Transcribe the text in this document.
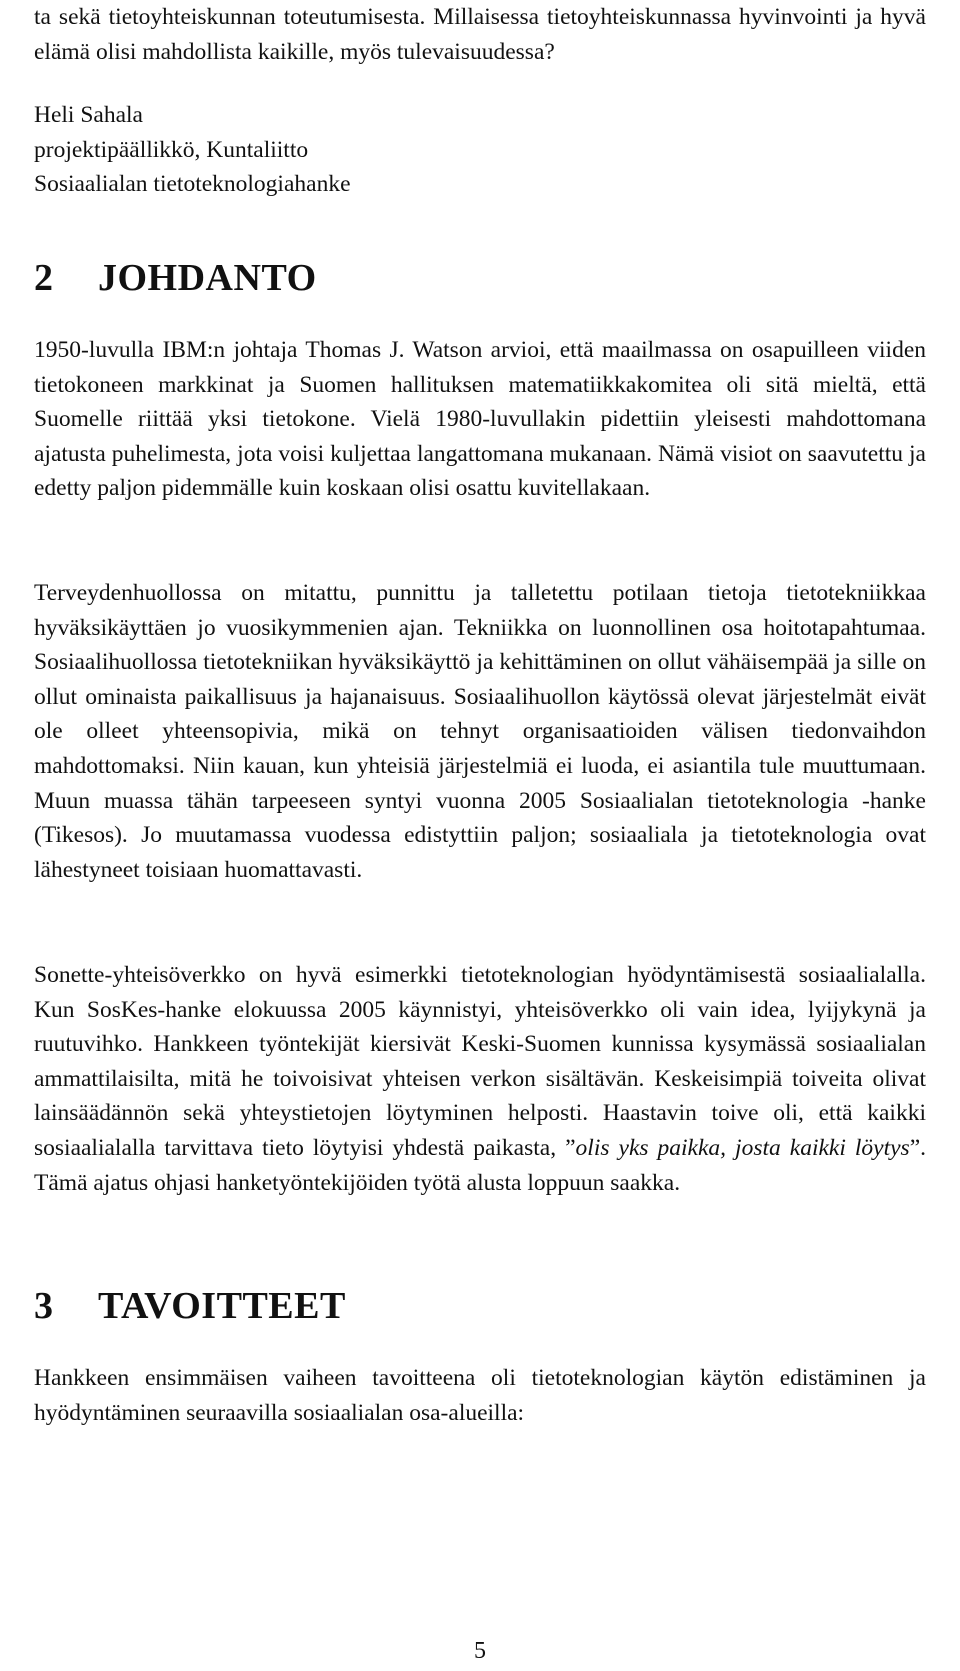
ta sekä tietoyhteiskunnan toteutumisesta. Millaisessa tietoyhteiskunnassa hyvinvointi ja hyvä elämä olisi mahdollista kaikille, myös tulevaisuudessa?

Heli Sahala
projektipäällikkö, Kuntaliitto
Sosiaalialan tietoteknologiahanke
2 JOHDANTO

1950-luvulla IBM:n johtaja Thomas J. Watson arvioi, että maailmassa on osapuilleen viiden tietokoneen markkinat ja Suomen hallituksen matematiikkakomitea oli sitä mieltä, että Suomelle riittää yksi tietokone. Vielä 1980-luvullakin pidettiin yleisesti mahdottomana ajatusta puhelimesta, jota voisi kuljettaa langattomana mukanaan. Nämä visiot on saavutettu ja edetty paljon pidemmälle kuin koskaan olisi osattu kuvitellakaan.

Terveydenhuollossa on mitattu, punnittu ja talletettu potilaan tietoja tietotekniikkaa hyväksikäyttäen jo vuosikymmenien ajan. Tekniikka on luonnollinen osa hoitotapahtumaa. Sosiaalihuollossa tietotekniikan hyväksikäyttö ja kehittäminen on ollut vähäisempää ja sille on ollut ominaista paikallisuus ja hajanaisuus. Sosiaalihuollon käytössä olevat järjestelmät eivät ole olleet yhteensopivia, mikä on tehnyt organisaatioiden välisen tiedonvaihdon mahdottomaksi. Niin kauan, kun yhteisiä järjestelmiä ei luoda, ei asiantila tule muuttumaan. Muun muassa tähän tarpeeseen syntyi vuonna 2005 Sosiaalialan tietoteknologia -hanke (Tikesos). Jo muutamassa vuodessa edistyttiin paljon; sosiaaliala ja tietoteknologia ovat lähestyneet toisiaan huomattavasti.

Sonette-yhteisöverkko on hyvä esimerkki tietoteknologian hyödyntämisestä sosiaalialalla. Kun SosKes-hanke elokuussa 2005 käynnistyi, yhteisöverkko oli vain idea, lyijykynä ja ruutuvihko. Hankkeen työntekijät kiersivät Keski-Suomen kunnissa kysymässä sosiaalialan ammattilaisilta, mitä he toivoisivat yhteisen verkon sisältävän. Keskeisimpiä toiveita olivat lainsäädännön sekä yhteystietojen löytyminen helposti. Haastavin toive oli, että kaikki sosiaalialalla tarvittava tieto löytyisi yhdestä paikasta, ”olis yks paikka, josta kaikki löytys”. Tämä ajatus ohjasi hanketyöntekijöiden työtä alusta loppuun saakka.

3 TAVOITTEET

Hankkeen ensimmäisen vaiheen tavoitteena oli tietoteknologian käytön edistäminen ja hyödyntäminen seuraavilla sosiaalialan osa-alueilla:

5
